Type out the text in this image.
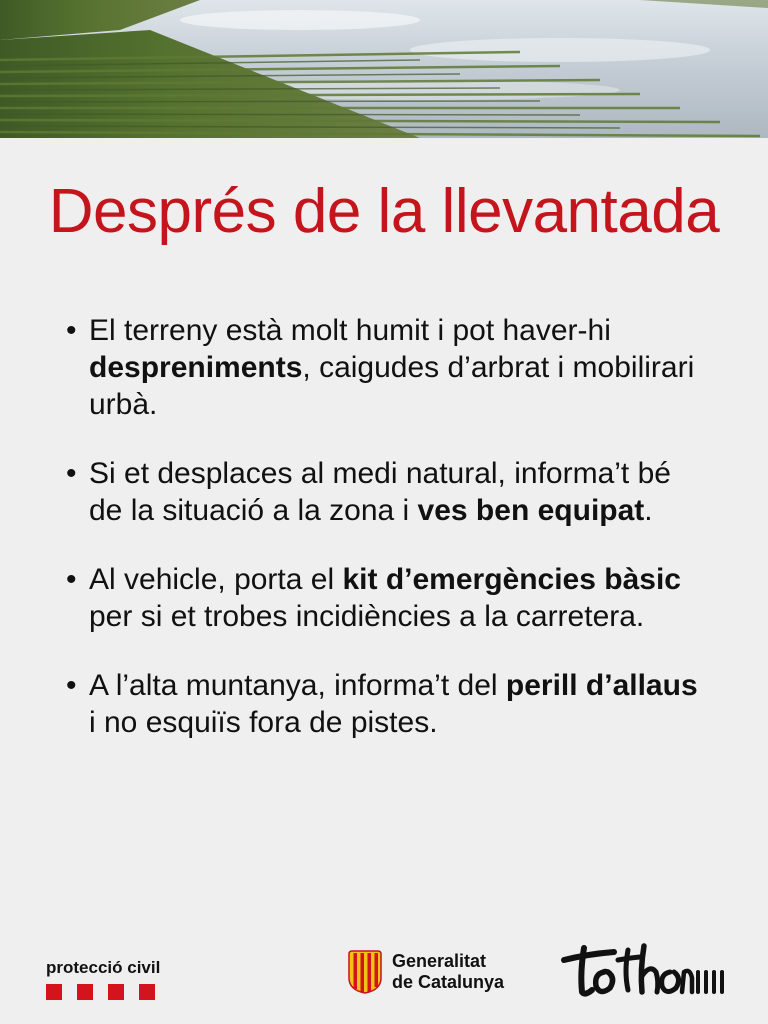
Després de la llevantada
• El terreny està molt humit i pot haver-hi despreniments, caigudes d’arbrat i mobilirari urbà.
• Si et desplaces al medi natural, informa’t bé de la situació a la zona i ves ben equipat.
• Al vehicle, porta el kit d’emergències bàsic per si et trobes incidiències a la carretera.
• A l’alta muntanya, informa’t del perill d’allaus i no esquiïs fora de pistes.
protecció civil	Generalitat
de Catalunya
